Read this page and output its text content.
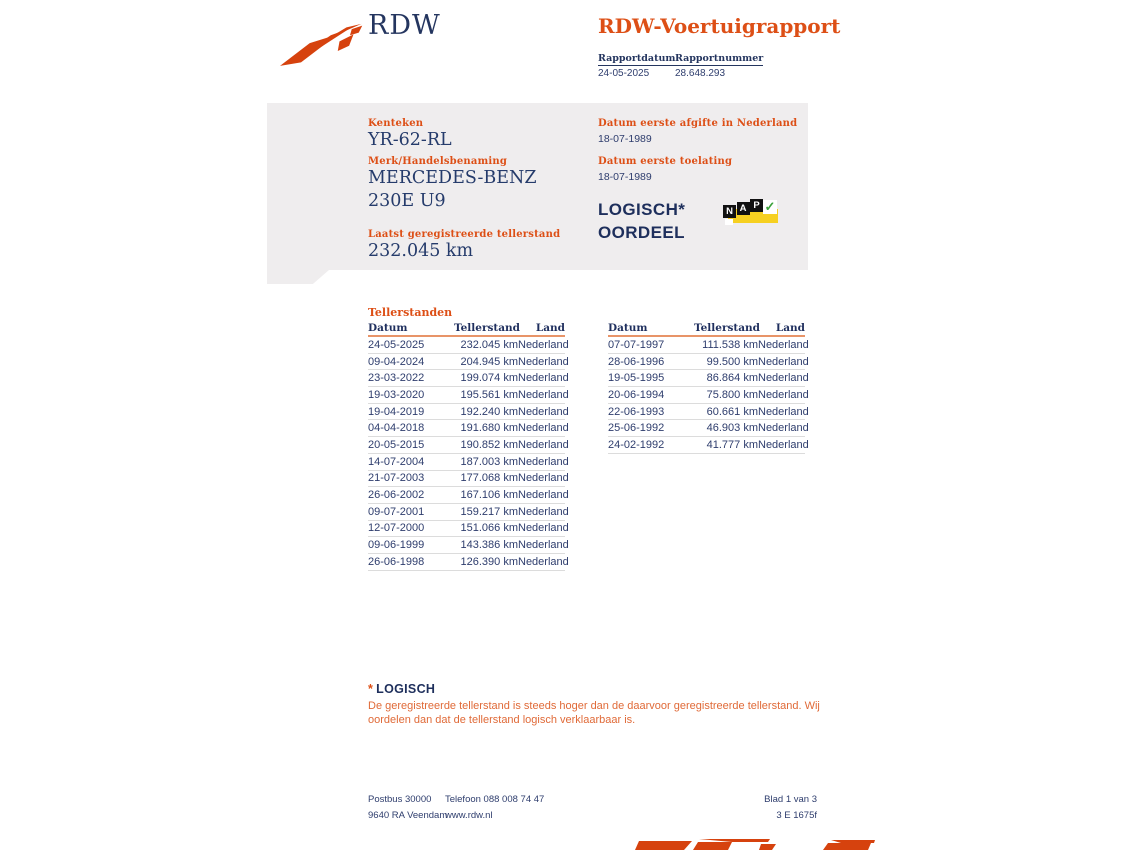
RDW	RDW-Voertuigrapport
Rapportdatum Rapportnummer
24-05-2025	28.648.293
Kenteken
YR-62-RL
Merk/Handelsbenaming
MERCEDES-BENZ
230E U9
Laatst geregistreerde tellerstand
232.045 km
Datum eerste afgifte in Nederland
18-07-1989
Datum eerste toelating
18-07-1989
LOGISCH*
OORDEEL
N A P ✓
Tellerstanden
Datum	Tellerstand	Land
24-05-2025	232.045 km	Nederland
09-04-2024	204.945 km	Nederland
23-03-2022	199.074 km	Nederland
19-03-2020	195.561 km	Nederland
19-04-2019	192.240 km	Nederland
04-04-2018	191.680 km	Nederland
20-05-2015	190.852 km	Nederland
14-07-2004	187.003 km	Nederland
21-07-2003	177.068 km	Nederland
26-06-2002	167.106 km	Nederland
09-07-2001	159.217 km	Nederland
12-07-2000	151.066 km	Nederland
09-06-1999	143.386 km	Nederland
26-06-1998	126.390 km	Nederland
Datum	Tellerstand	Land
07-07-1997	111.538 km	Nederland
28-06-1996	99.500 km	Nederland
19-05-1995	86.864 km	Nederland
20-06-1994	75.800 km	Nederland
22-06-1993	60.661 km	Nederland
25-06-1992	46.903 km	Nederland
24-02-1992	41.777 km	Nederland
* LOGISCH
De geregistreerde tellerstand is steeds hoger dan de daarvoor geregistreerde tellerstand. Wij oordelen dan dat de tellerstand logisch verklaarbaar is.
Postbus 30000
9640 RA Veendam
Telefoon 088 008 74 47
www.rdw.nl
Blad 1 van 3
3 E 1675f
